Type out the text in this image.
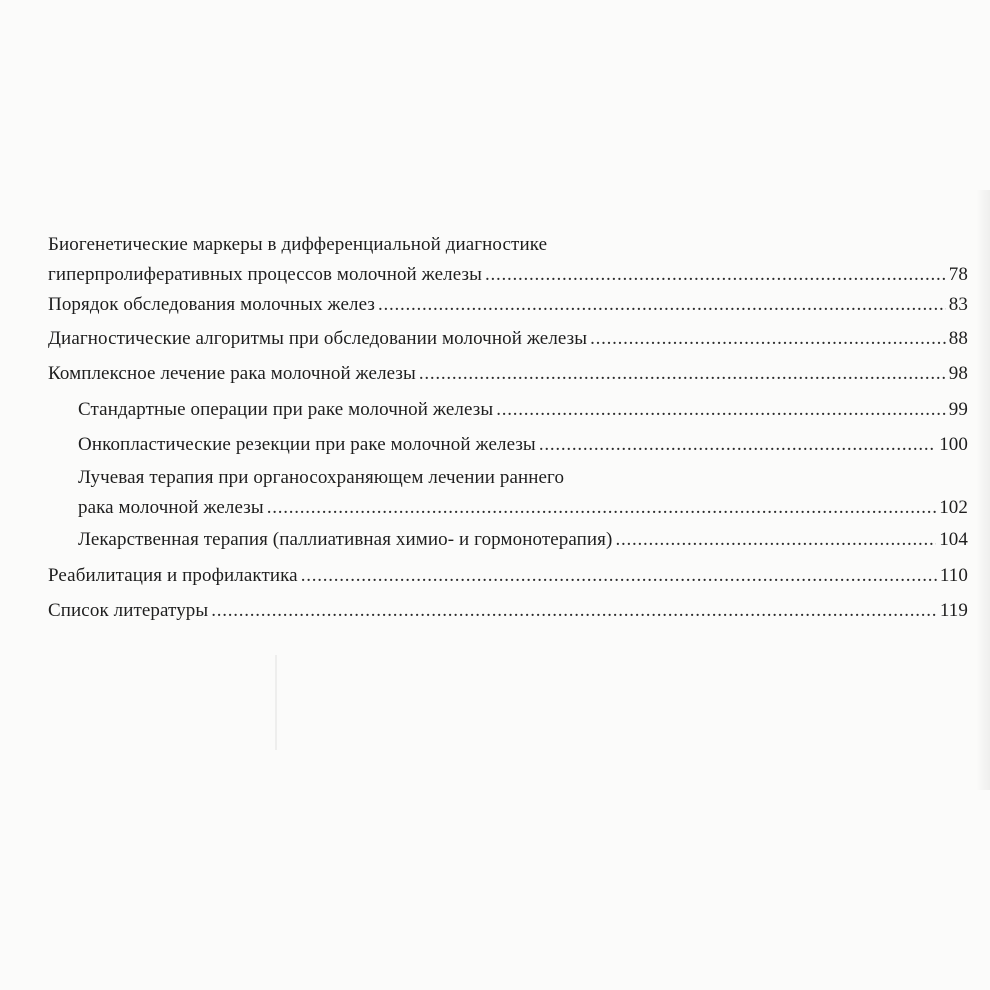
Биогенетические маркеры в дифференциальной диагностике
гиперпролиферативных процессов молочной железы . . .	78
Порядок обследования молочных желез . . .	83
Диагностические алгоритмы при обследовании молочной железы . . .	88
Комплексное лечение рака молочной железы . . .	98
Стандартные операции при раке молочной железы . . .	99
Онкопластические резекции при раке молочной железы . . .	100
Лучевая терапия при органосохраняющем лечении раннего
рака молочной железы . . .	102
Лекарственная терапия (паллиативная химио- и гормонотерапия) . . .	104
Реабилитация и профилактика . . .	110
Список литературы . . .	119
